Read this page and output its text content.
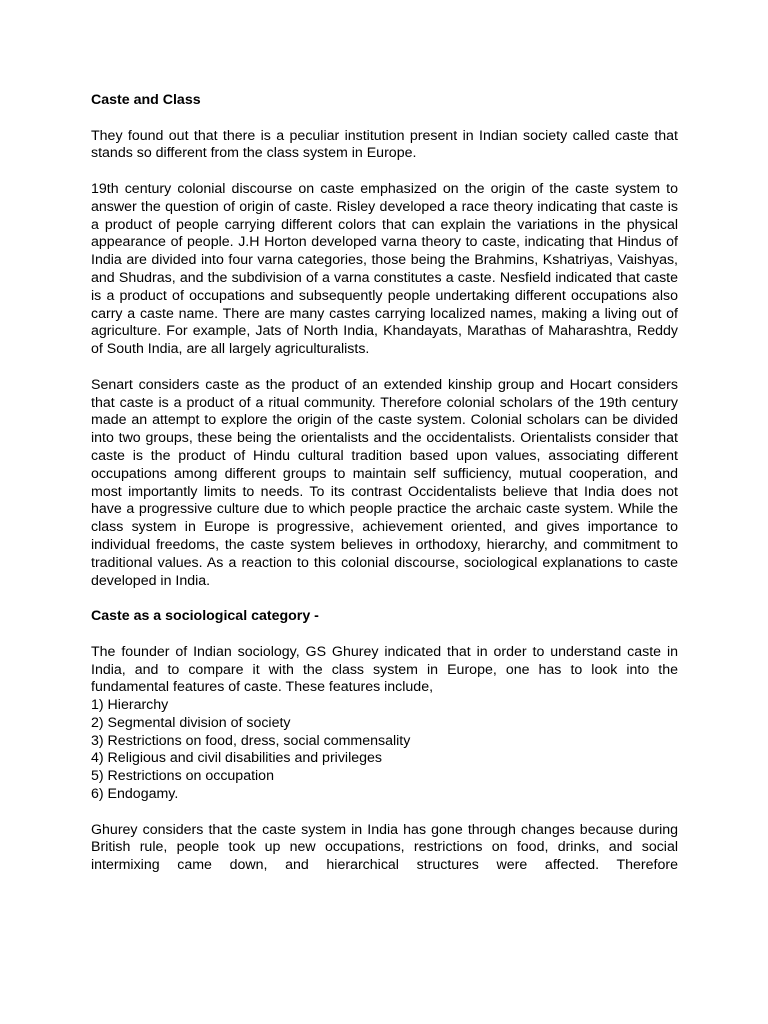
Caste and Class

They found out that there is a peculiar institution present in Indian society called caste that stands so different from the class system in Europe.

19th century colonial discourse on caste emphasized on the origin of the caste system to answer the question of origin of caste. Risley developed a race theory indicating that caste is a product of people carrying different colors that can explain the variations in the physical appearance of people. J.H Horton developed varna theory to caste, indicating that Hindus of India are divided into four varna categories, those being the Brahmins, Kshatriyas, Vaishyas, and Shudras, and the subdivision of a varna constitutes a caste. Nesfield indicated that caste is a product of occupations and subsequently people undertaking different occupations also carry a caste name. There are many castes carrying localized names, making a living out of agriculture. For example, Jats of North India, Khandayats, Marathas of Maharashtra, Reddy of South India, are all largely agriculturalists.

Senart considers caste as the product of an extended kinship group and Hocart considers that caste is a product of a ritual community. Therefore colonial scholars of the 19th century made an attempt to explore the origin of the caste system. Colonial scholars can be divided into two groups, these being the orientalists and the occidentalists. Orientalists consider that caste is the product of Hindu cultural tradition based upon values, associating different occupations among different groups to maintain self sufficiency, mutual cooperation, and most importantly limits to needs. To its contrast Occidentalists believe that India does not have a progressive culture due to which people practice the archaic caste system. While the class system in Europe is progressive, achievement oriented, and gives importance to individual freedoms, the caste system believes in orthodoxy, hierarchy, and commitment to traditional values. As a reaction to this colonial discourse, sociological explanations to caste developed in India.

Caste as a sociological category -

The founder of Indian sociology, GS Ghurey indicated that in order to understand caste in India, and to compare it with the class system in Europe, one has to look into the fundamental features of caste. These features include,

1) Hierarchy
2) Segmental division of society
3) Restrictions on food, dress, social commensality
4) Religious and civil disabilities and privileges
5) Restrictions on occupation
6) Endogamy.

Ghurey considers that the caste system in India has gone through changes because during British rule, people took up new occupations, restrictions on food, drinks, and social intermixing came down, and hierarchical structures were affected. Therefore
